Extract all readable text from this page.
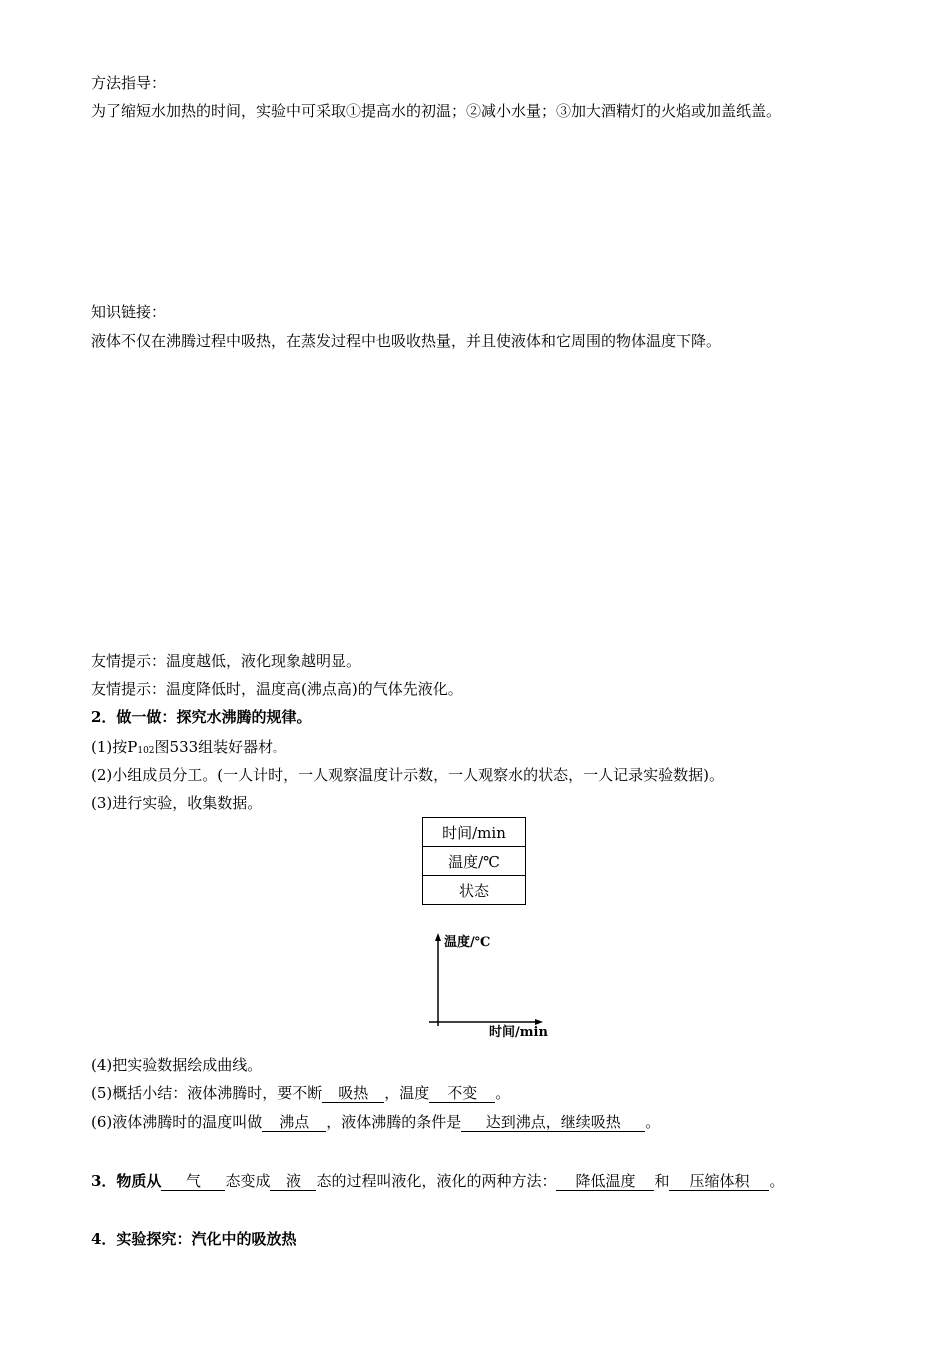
方法指导：
为了缩短水加热的时间，实验中可采取①提高水的初温；②减小水量；③加大酒精灯的火焰或加盖纸盖。
知识链接：
液体不仅在沸腾过程中吸热，在蒸发过程中也吸收热量，并且使液体和它周围的物体温度下降。
友情提示：温度越低，液化现象越明显。
友情提示：温度降低时，温度高(沸点高)的气体先液化。
2．做一做：探究水沸腾的规律。
(1)按P102图533组装好器材。
(2)小组成员分工。(一人计时，一人观察温度计示数，一人观察水的状态，一人记录实验数据)。
(3)进行实验，收集数据。
时间/min
温度/℃
状态
温度/℃
时间/min
(4)把实验数据绘成曲线。
(5)概括小结：液体沸腾时，要不断 吸热 ，温度 不变 。
(6)液体沸腾时的温度叫做 沸点 ，液体沸腾的条件是 达到沸点，继续吸热 。
3．物质从 气 态变成 液 态的过程叫液化，液化的两种方法： 降低温度 和 压缩体积 。
4．实验探究：汽化中的吸放热
